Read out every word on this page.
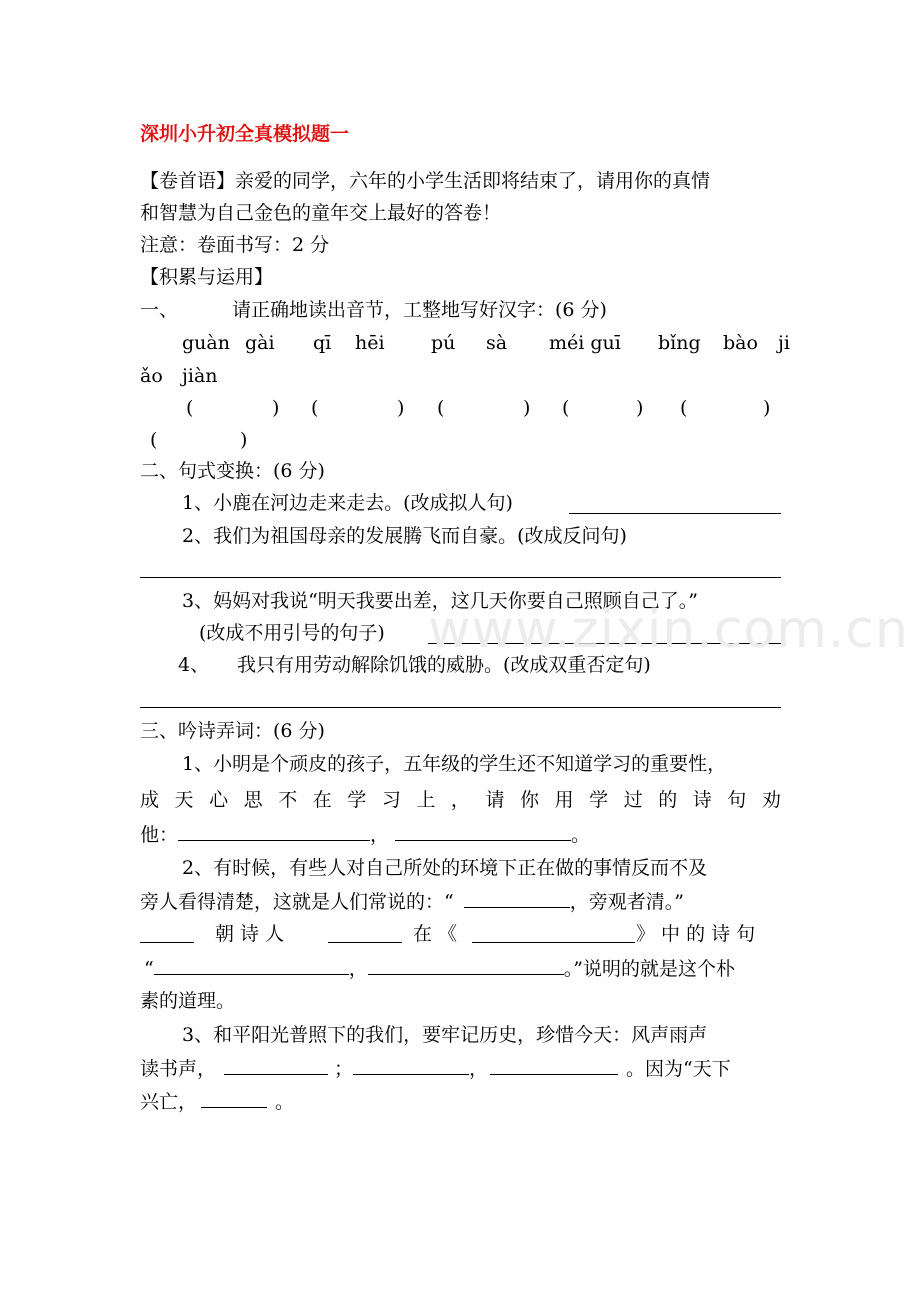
深圳小升初全真模拟题一
【卷首语】亲爱的同学，六年的小学生活即将结束了，请用你的真情
和智慧为自己金色的童年交上最好的答卷！
注意：卷面书写：2 分
【积累与运用】
一、	请正确地读出音节，工整地写好汉字：(6 分)
guàn gài qī hēi pú sà méi guī bǐng bào ji
ǎo jiàn
(	) (	) (	) (	) (	)
(	)
二、句式变换：(6 分)
1、小鹿在河边走来走去。(改成拟人句)
2、我们为祖国母亲的发展腾飞而自豪。(改成反问句)
3、妈妈对我说“明天我要出差，这几天你要自己照顾自己了。”
(改成不用引号的句子)
4、 我只有用劳动解除饥饿的威胁。(改成双重否定句)
三、吟诗弄词：(6 分)
1、小明是个顽皮的孩子，五年级的学生还不知道学习的重要性，
成 天 心 思 不 在 学 习 上 ， 请 你 用 学 过 的 诗 句 劝
他：	，	。
2、有时候，有些人对自己所处的环境下正在做的事情反而不及
旁人看得清楚，这就是人们常说的：“	，旁观者清。”
朝 诗 人	在 《	》 中 的 诗 句
“	，	。”说明的就是这个朴
素的道理。
3、和平阳光普照下的我们，要牢记历史，珍惜今天：风声雨声
读书声，	；	，	。因为“天下
兴亡，	。
www.zixin.com.cn
